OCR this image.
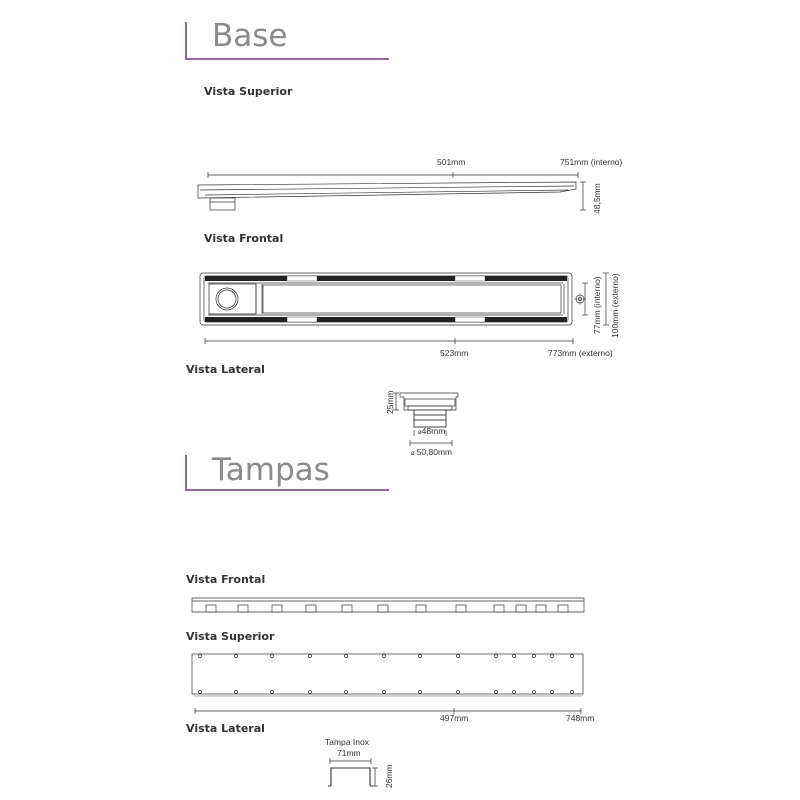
Base
Vista Superior
Vista Frontal
Vista Lateral
Tampas
Vista Frontal
Vista Superior
Vista Lateral
501mm	751mm (interno)
48,5mm
523mm	773mm (externo)
77mm (interno) 100mm (externo)
25mm
ø48mm
ø 50,80mm
497mm	748mm
Tampa Inox
71mm
26mm
